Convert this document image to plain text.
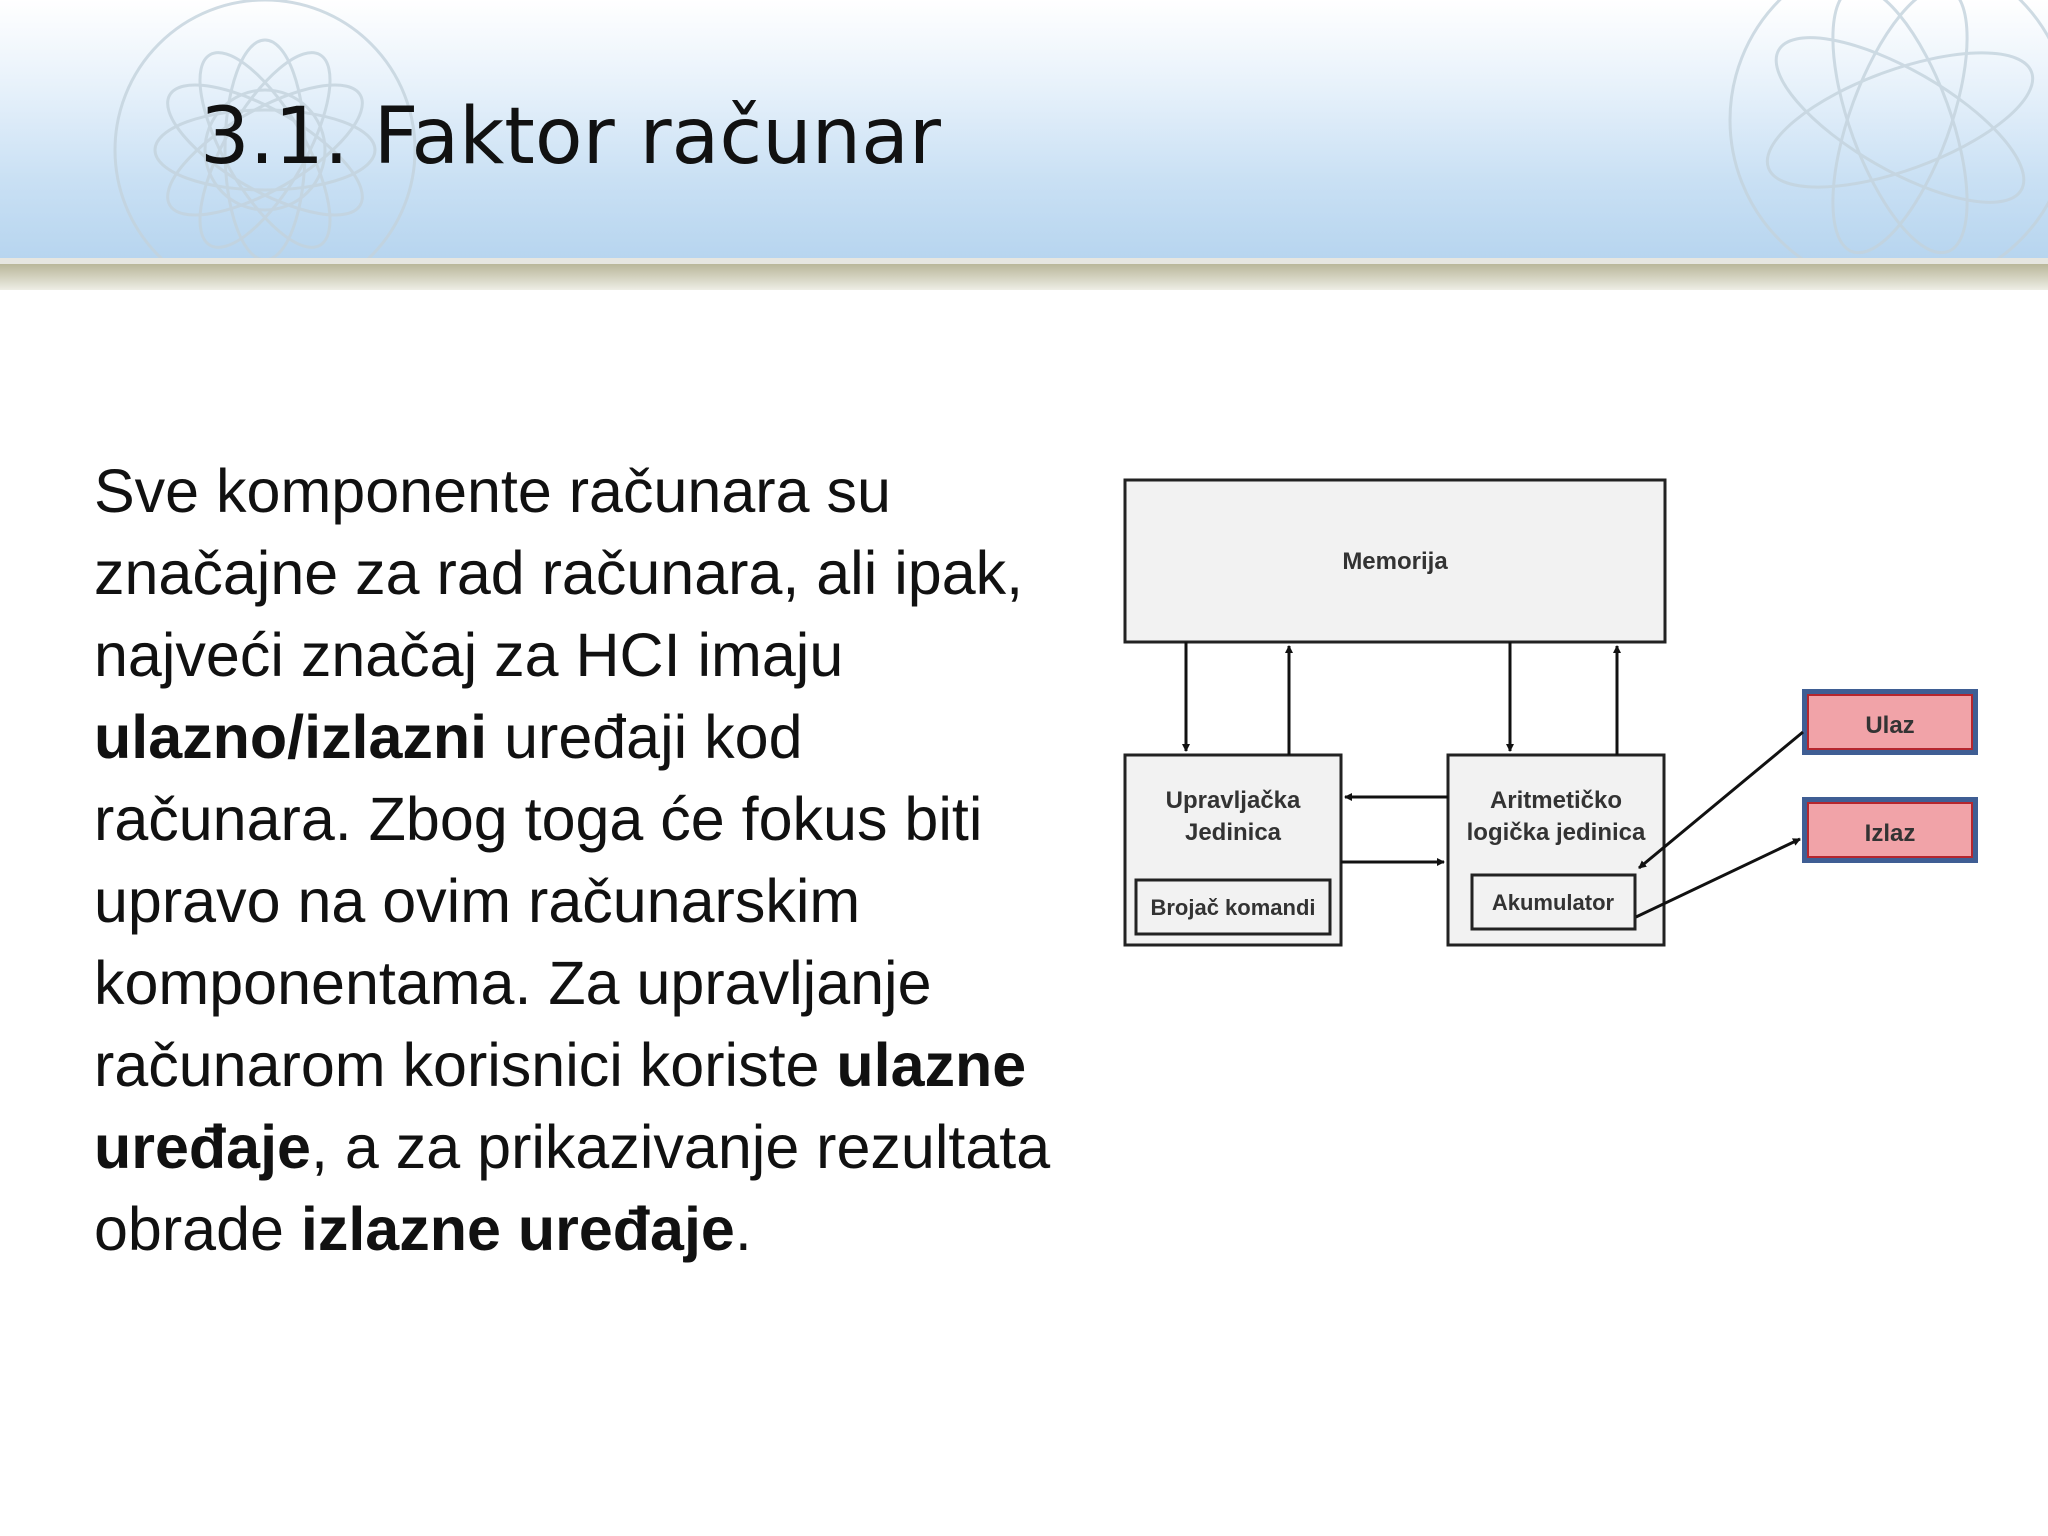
3.1. Faktor računar
Sve komponente računara su značajne za rad računara, ali ipak, najveći značaj za HCI imaju ulazno/izlazni uređaji kod računara. Zbog toga će fokus biti upravo na ovim računarskim komponentama. Za upravljanje računarom korisnici koriste ulazne uređaje, a za prikazivanje rezultata obrade izlazne uređaje.
Memorija
Upravljačka
Jedinica
Brojač komandi
Aritmetičko
logička jedinica
Akumulator
Ulaz
Izlaz
